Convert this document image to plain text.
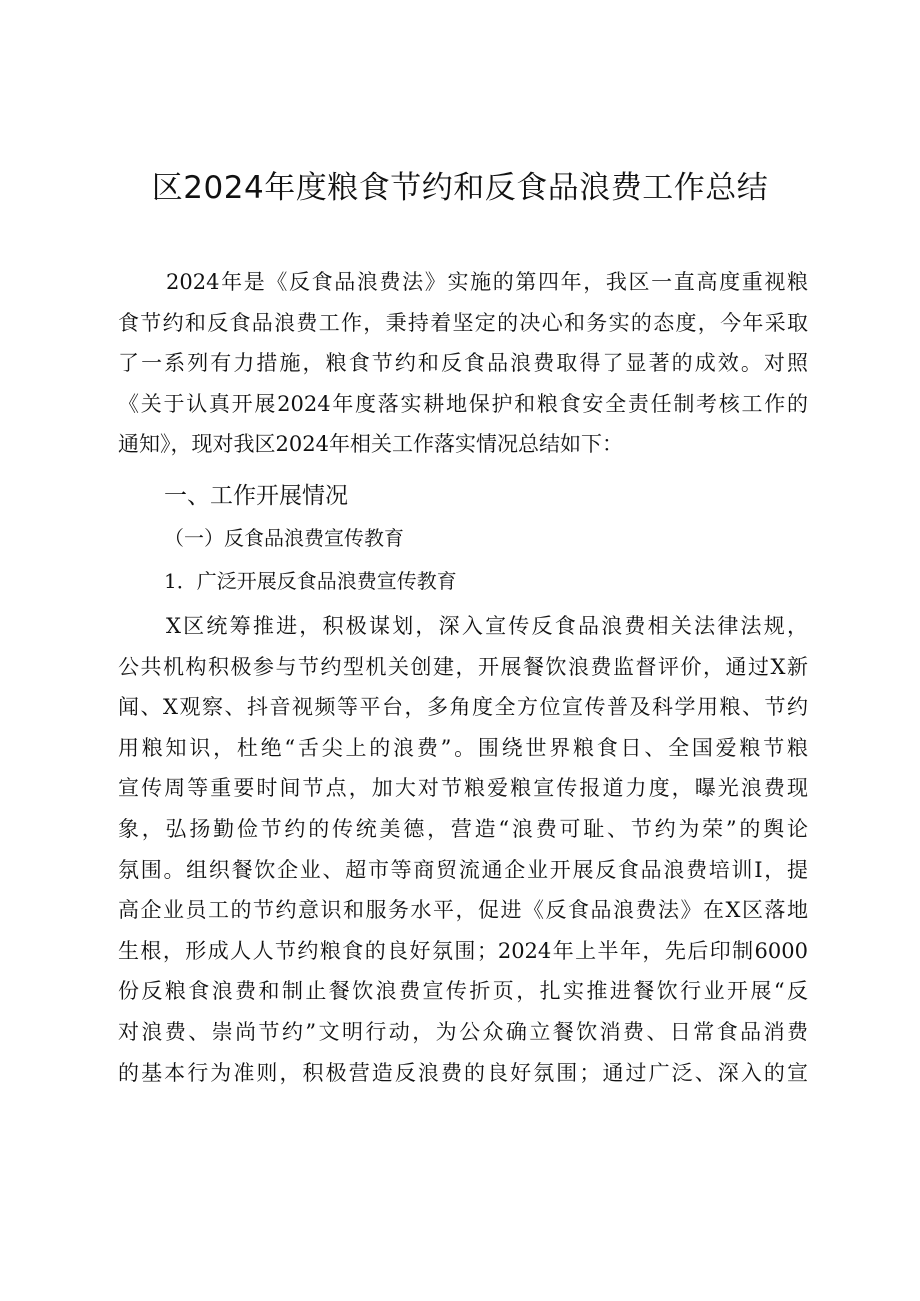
区2024年度粮食节约和反食品浪费工作总结
2024年是《反食品浪费法》实施的第四年，我区一直高度重视粮
食节约和反食品浪费工作，秉持着坚定的决心和务实的态度，今年采取
了一系列有力措施，粮食节约和反食品浪费取得了显著的成效。对照
《关于认真开展2024年度落实耕地保护和粮食安全责任制考核工作的
通知》，现对我区2024年相关工作落实情况总结如下：
一、工作开展情况
（一）反食品浪费宣传教育
1．广泛开展反食品浪费宣传教育
X区统筹推进，积极谋划，深入宣传反食品浪费相关法律法规，
公共机构积极参与节约型机关创建，开展餐饮浪费监督评价，通过X新
闻、X观察、抖音视频等平台，多角度全方位宣传普及科学用粮、节约
用粮知识，杜绝“舌尖上的浪费”。围绕世界粮食日、全国爱粮节粮
宣传周等重要时间节点，加大对节粮爱粮宣传报道力度，曝光浪费现
象，弘扬勤俭节约的传统美德，营造“浪费可耻、节约为荣”的舆论
氛围。组织餐饮企业、超市等商贸流通企业开展反食品浪费培训I，提
高企业员工的节约意识和服务水平，促进《反食品浪费法》在X区落地
生根，形成人人节约粮食的良好氛围；2024年上半年，先后印制6000
份反粮食浪费和制止餐饮浪费宣传折页，扎实推进餐饮行业开展“反
对浪费、崇尚节约”文明行动，为公众确立餐饮消费、日常食品消费
的基本行为准则，积极营造反浪费的良好氛围；通过广泛、深入的宣
